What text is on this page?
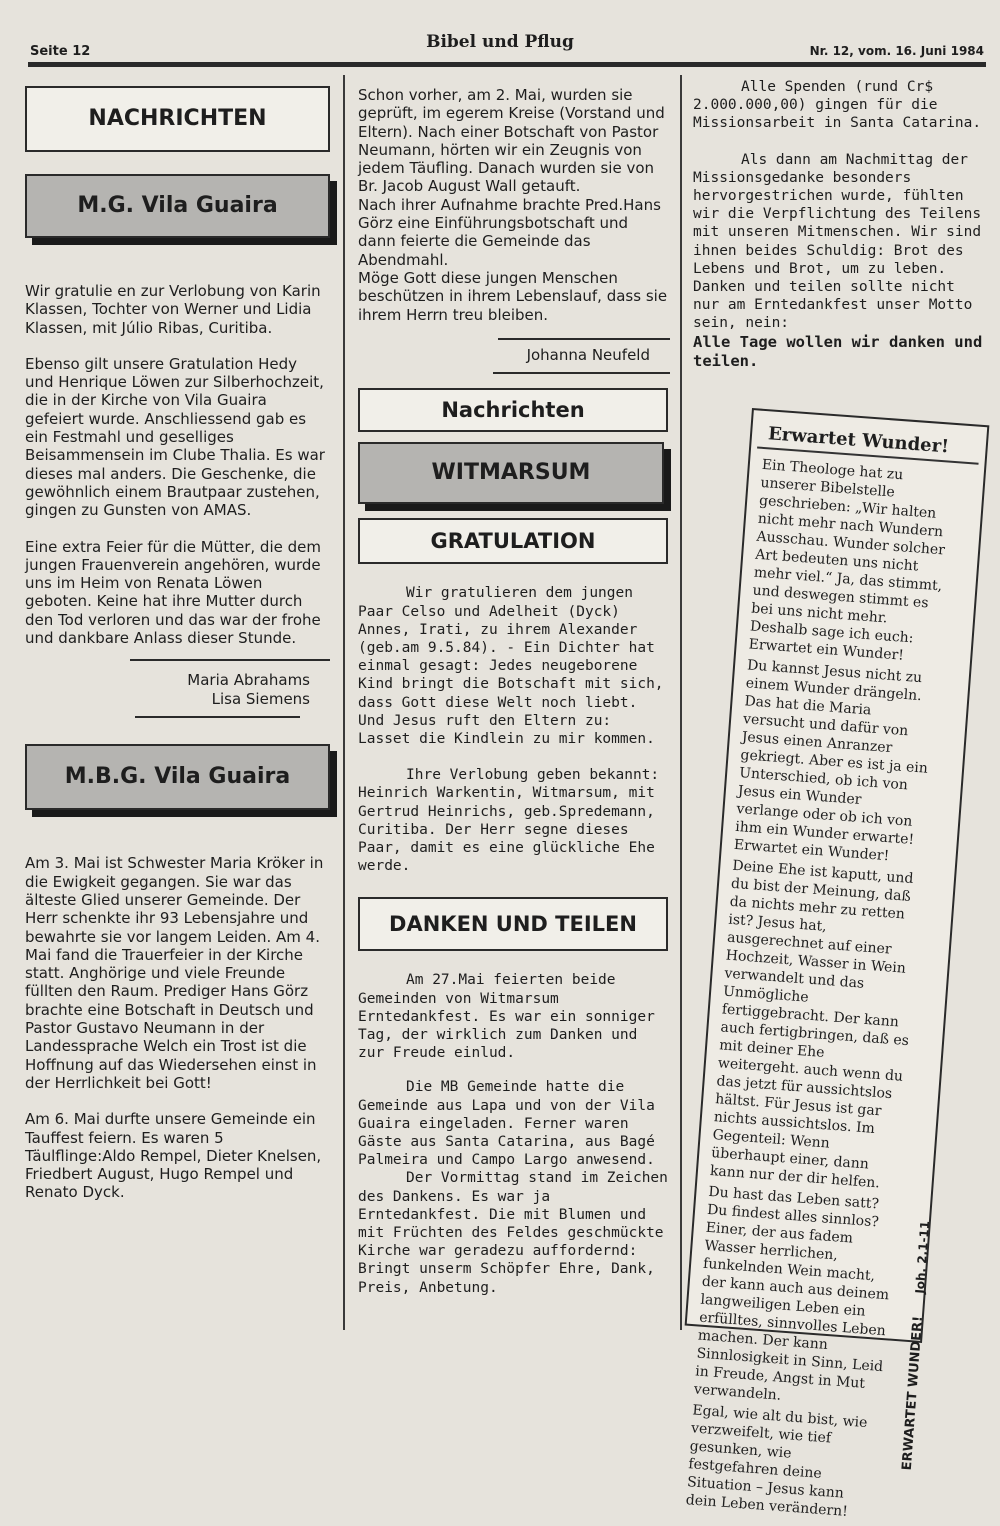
Seite 12	Bibel und Pflug	Nr. 12, vom. 16. Juni 1984
NACHRICHTEN
M.G. Vila Guaira

Wir gratulie en zur Verlobung von Karin Klassen, Tochter von Werner und Lidia Klassen, mit Júlio Ribas, Curitiba.

Ebenso gilt unsere Gratulation Hedy und Henrique Löwen zur Silberhochzeit, die in der Kirche von Vila Guaira gefeiert wurde. Anschliessend gab es ein Festmahl und geselliges Beisammensein im Clube Thalia. Es war dieses mal anders. Die Geschenke, die gewöhnlich einem Brautpaar zustehen, gingen zu Gunsten von AMAS.

Eine extra Feier für die Mütter, die dem jungen Frauenverein angehören, wurde uns im Heim von Renata Löwen geboten. Keine hat ihre Mutter durch den Tod verloren und das war der frohe und dankbare Anlass dieser Stunde.

Maria Abrahams

Lisa Siemens

M.B.G. Vila Guaira

Am 3. Mai ist Schwester Maria Kröker in die Ewigkeit gegangen. Sie war das älteste Glied unserer Gemeinde. Der Herr schenkte ihr 93 Lebensjahre und bewahrte sie vor langem Leiden. Am 4. Mai fand die Trauerfeier in der Kirche statt. Anghörige und viele Freunde füllten den Raum. Prediger Hans Görz brachte eine Botschaft in Deutsch und Pastor Gustavo Neumann in der Landessprache Welch ein Trost ist die Hoffnung auf das Wiedersehen einst in der Herrlichkeit bei Gott!

Am 6. Mai durfte unsere Gemeinde ein Tauffest feiern. Es waren 5 Täulflinge:Aldo Rempel, Dieter Knelsen, Friedbert August, Hugo Rempel und Renato Dyck.

Schon vorher, am 2. Mai, wurden sie geprüft, im egerem Kreise (Vorstand und Eltern). Nach einer Botschaft von Pastor Neumann, hörten wir ein Zeugnis von jedem Täufling. Danach wurden sie von Br. Jacob August Wall getauft.

Nach ihrer Aufnahme brachte Pred.Hans Görz eine Einführungsbotschaft und dann feierte die Gemeinde das Abendmahl.

Möge Gott diese jungen Menschen beschützen in ihrem Lebenslauf, dass sie ihrem Herrn treu bleiben.

Johanna Neufeld

Nachrichten
WITMARSUM
GRATULATION

Wir gratulieren dem jungen Paar Celso und Adelheit (Dyck) Annes, Irati, zu ihrem Alexander (geb.am 9.5.84). - Ein Dichter hat einmal gesagt: Jedes neugeborene Kind bringt die Botschaft mit sich, dass Gott diese Welt noch liebt. Und Jesus ruft den Eltern zu: Lasset die Kindlein zu mir kommen.

Ihre Verlobung geben bekannt: Heinrich Warkentin, Witmarsum, mit Gertrud Heinrichs, geb.Spredemann, Curitiba. Der Herr segne dieses Paar, damit es eine glückliche Ehe werde.

DANKEN UND TEILEN

Am 27.Mai feierten beide Gemeinden von Witmarsum Erntedankfest. Es war ein sonniger Tag, der wirklich zum Danken und zur Freude einlud.

Die MB Gemeinde hatte die Gemeinde aus Lapa und von der Vila Guaira eingeladen. Ferner waren Gäste aus Santa Catarina, aus Bagé Palmeira und Campo Largo anwesend.

Der Vormittag stand im Zeichen des Dankens. Es war ja Erntedankfest. Die mit Blumen und mit Früchten des Feldes geschmückte Kirche war geradezu auffordernd: Bringt unserm Schöpfer Ehre, Dank, Preis, Anbetung.

Alle Spenden (rund Cr$ 2.000.000,00) gingen für die Missionsarbeit in Santa Catarina.

Als dann am Nachmittag der Missionsgedanke besonders hervorgestrichen wurde, fühlten wir die Verpflichtung des Teilens mit unseren Mitmenschen. Wir sind ihnen beides Schuldig: Brot des Lebens und Brot, um zu leben. Danken und teilen sollte nicht nur am Erntedankfest unser Motto sein, nein:

Alle Tage wollen wir danken und teilen.

Erwartet Wunder!

Ein Theologe hat zu unserer Bibelstelle geschrieben: „Wir halten nicht mehr nach Wundern Ausschau. Wunder solcher Art bedeuten uns nicht mehr viel.“ Ja, das stimmt, und deswegen stimmt es bei uns nicht mehr. Deshalb sage ich euch: Erwartet ein Wunder!

Du kannst Jesus nicht zu einem Wunder drängeln. Das hat die Maria versucht und dafür von Jesus einen Anranzer gekriegt. Aber es ist ja ein Unterschied, ob ich von Jesus ein Wunder verlange oder ob ich von ihm ein Wunder erwarte! Erwartet ein Wunder!

Deine Ehe ist kaputt, und du bist der Meinung, daß da nichts mehr zu retten ist? Jesus hat, ausgerechnet auf einer Hochzeit, Wasser in Wein verwandelt und das Unmögliche fertiggebracht. Der kann auch fertigbringen, daß es mit deiner Ehe weitergeht. auch wenn du das jetzt für aussichtslos hältst. Für Jesus ist gar nichts aussichtslos. Im Gegenteil: Wenn überhaupt einer, dann kann nur der dir helfen.

Du hast das Leben satt? Du findest alles sinnlos? Einer, der aus fadem Wasser herrlichen, funkelnden Wein macht, der kann auch aus deinem langweiligen Leben ein erfülltes, sinnvolles Leben machen. Der kann Sinnlosigkeit in Sinn, Leid in Freude, Angst in Mut verwandeln.

Egal, wie alt du bist, wie verzweifelt, wie tief gesunken, wie festgefahren deine Situation – Jesus kann dein Leben verändern!

ERWARTET WUNDER! Joh. 2,1-11
